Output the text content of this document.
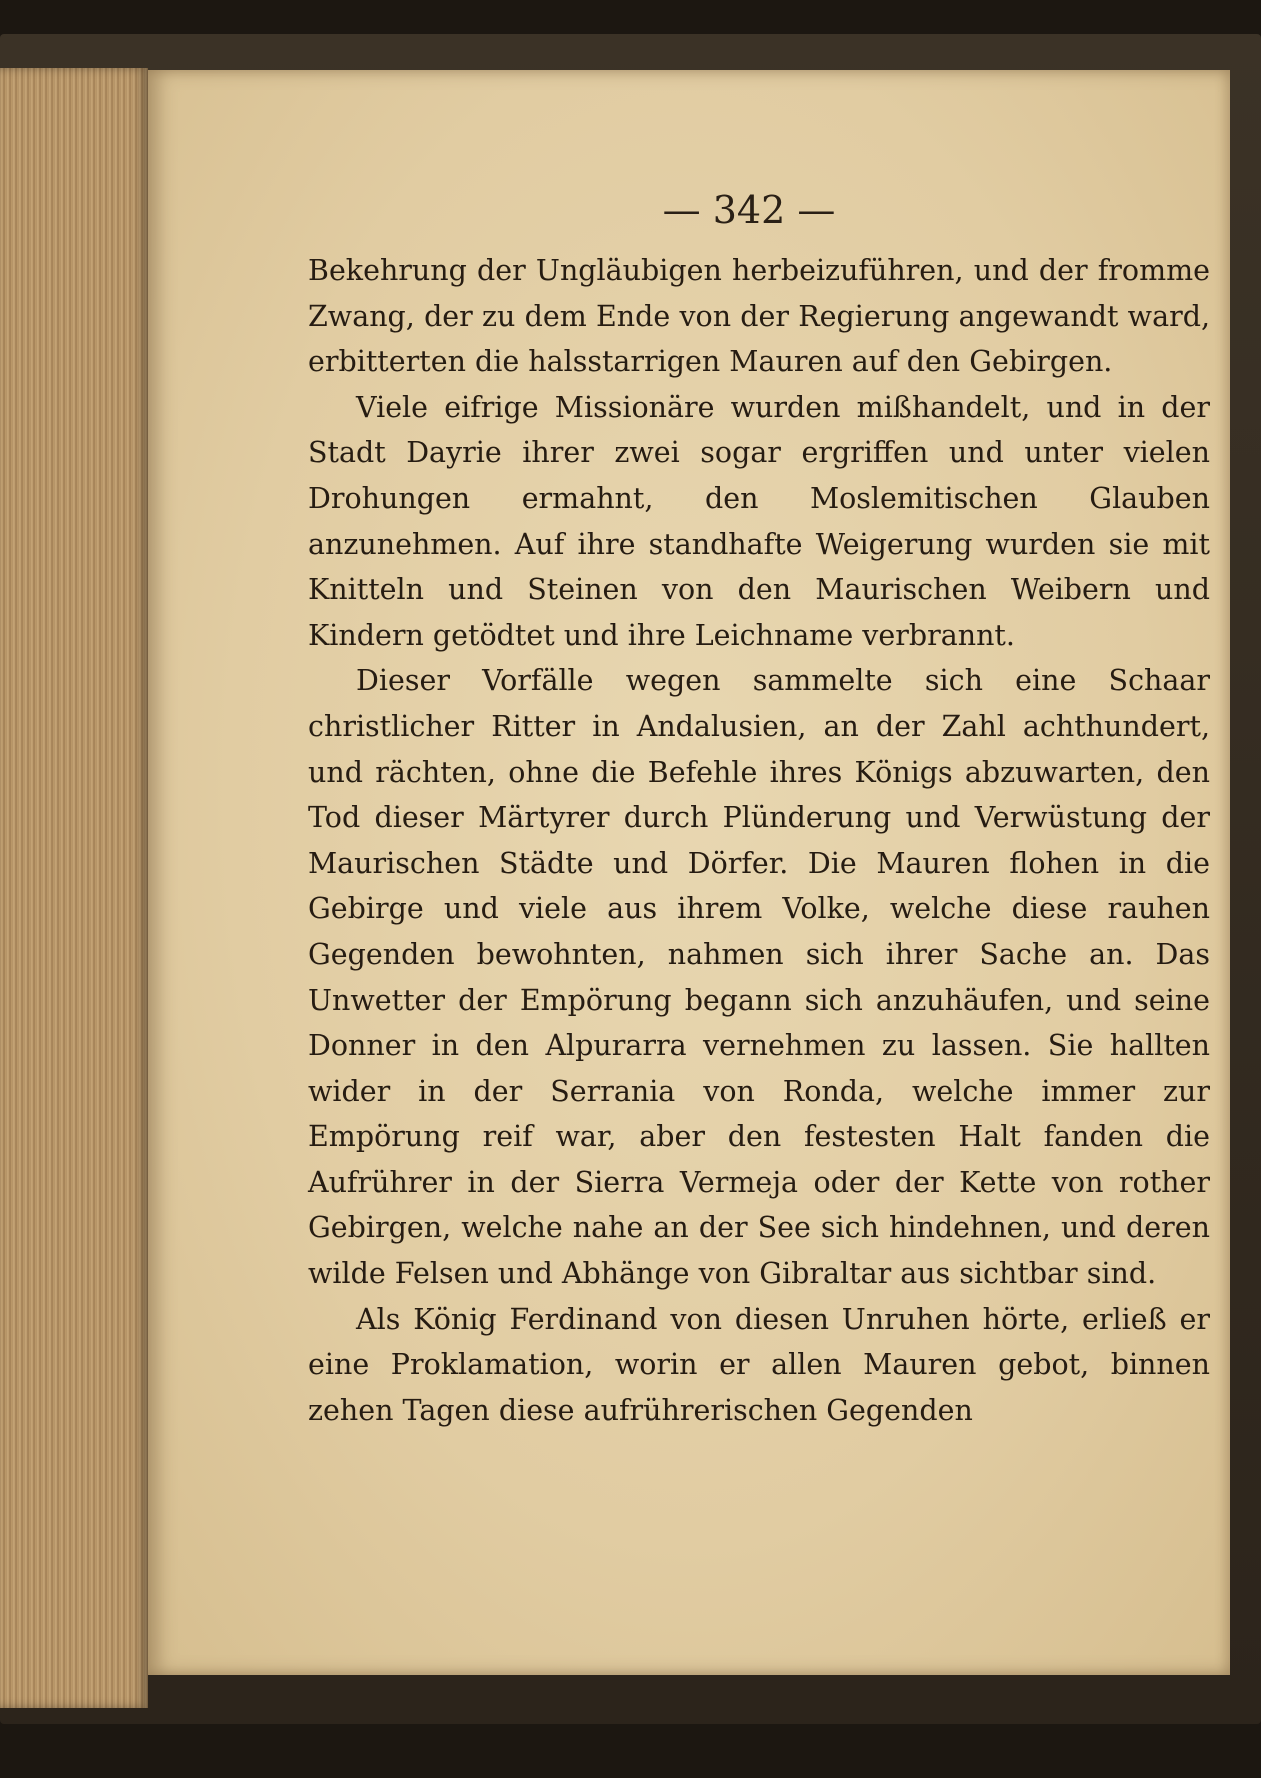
— 342 —

Bekehrung der Ungläubigen herbeizuführen, und der fromme Zwang, der zu dem Ende von der Regierung angewandt ward, erbitterten die halsstarrigen Mauren auf den Gebirgen.

Viele eifrige Missionäre wurden mißhandelt, und in der Stadt Dayrie ihrer zwei sogar ergriffen und unter vielen Drohungen ermahnt, den Moslemitischen Glauben anzunehmen. Auf ihre standhafte Weigerung wurden sie mit Knitteln und Steinen von den Maurischen Weibern und Kindern getödtet und ihre Leichname verbrannt.

Dieser Vorfälle wegen sammelte sich eine Schaar christlicher Ritter in Andalusien, an der Zahl achthundert, und rächten, ohne die Befehle ihres Königs abzuwarten, den Tod dieser Märtyrer durch Plünderung und Verwüstung der Maurischen Städte und Dörfer. Die Mauren flohen in die Gebirge und viele aus ihrem Volke, welche diese rauhen Gegenden bewohnten, nahmen sich ihrer Sache an. Das Unwetter der Empörung begann sich anzuhäufen, und seine Donner in den Alpurarra vernehmen zu lassen. Sie hallten wider in der Serrania von Ronda, welche immer zur Empörung reif war, aber den festesten Halt fanden die Aufrührer in der Sierra Vermeja oder der Kette von rother Gebirgen, welche nahe an der See sich hindehnen, und deren wilde Felsen und Abhänge von Gibraltar aus sichtbar sind.

Als König Ferdinand von diesen Unruhen hörte, erließ er eine Proklamation, worin er allen Mauren gebot, binnen zehen Tagen diese aufrührerischen Gegenden
